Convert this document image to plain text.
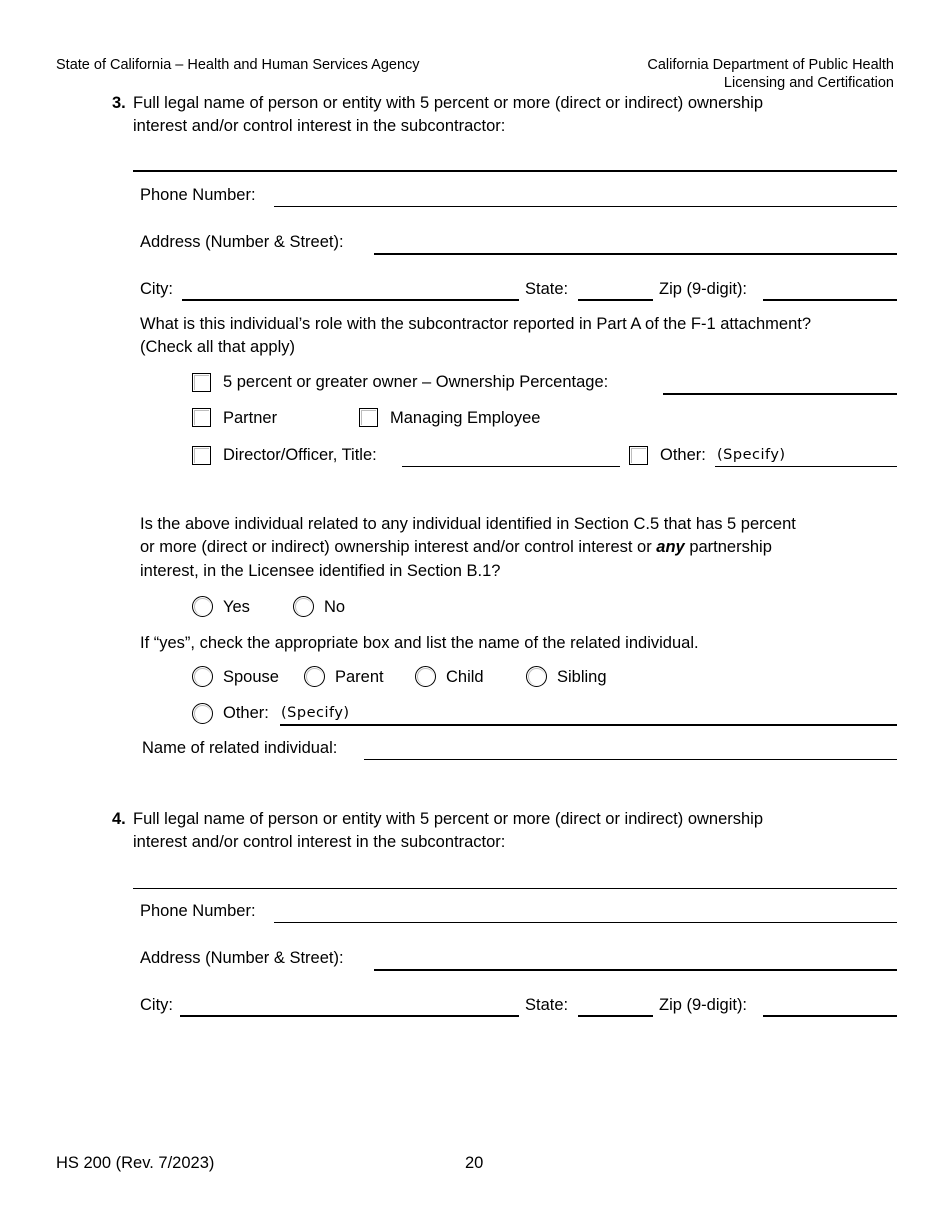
State of California – Health and Human Services Agency	California Department of Public Health
Licensing and Certification
3. Full legal name of person or entity with 5 percent or more (direct or indirect) ownership
interest and/or control interest in the subcontractor:
Phone Number:
Address (Number & Street):
City:	State:	Zip (9-digit):
What is this individual’s role with the subcontractor reported in Part A of the F-1 attachment?
(Check all that apply)
5 percent or greater owner – Ownership Percentage:
Partner	Managing Employee
Director/Officer, Title:	Other: (Specify)
Is the above individual related to any individual identified in Section C.5 that has 5 percent
or more (direct or indirect) ownership interest and/or control interest or any partnership
interest, in the Licensee identified in Section B.1?
Yes	No
If “yes”, check the appropriate box and list the name of the related individual.
Spouse	Parent	Child	Sibling
Other: (Specify)
Name of related individual:
4. Full legal name of person or entity with 5 percent or more (direct or indirect) ownership
interest and/or control interest in the subcontractor:
Phone Number:
Address (Number & Street):
City:	State:	Zip (9-digit):
HS 200 (Rev. 7/2023)	20
